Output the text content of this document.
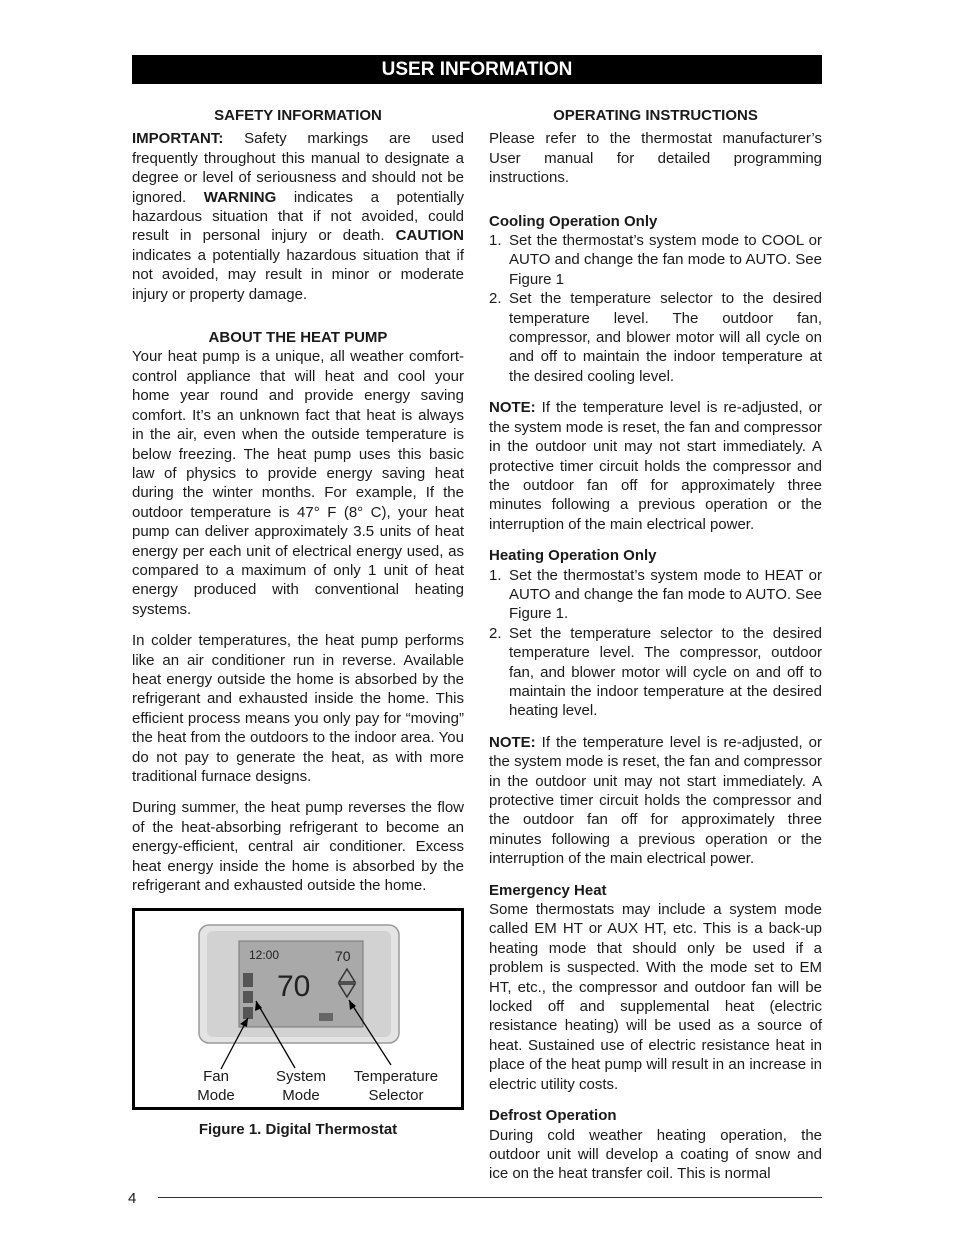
USER INFORMATION
SAFETY INFORMATION

IMPORTANT: Safety markings are used frequently throughout this manual to designate a degree or level of seriousness and should not be ignored. WARNING indicates a potentially hazardous situation that if not avoided, could result in personal injury or death. CAUTION indicates a potentially hazardous situation that if not avoided, may result in minor or moderate injury or property damage.

ABOUT THE HEAT PUMP

Your heat pump is a unique, all weather comfort-control appliance that will heat and cool your home year round and provide energy saving comfort. It’s an unknown fact that heat is always in the air, even when the outside temperature is below freezing. The heat pump uses this basic law of physics to provide energy saving heat during the winter months. For example, If the outdoor temperature is 47° F (8° C), your heat pump can deliver approximately 3.5 units of heat energy per each unit of electrical energy used, as compared to a maximum of only 1 unit of heat energy produced with conventional heating systems.

In colder temperatures, the heat pump performs like an air conditioner run in reverse. Available heat energy outside the home is absorbed by the refrigerant and exhausted inside the home. This efficient process means you only pay for “moving” the heat from the outdoors to the indoor area. You do not pay to generate the heat, as with more traditional furnace designs.

During summer, the heat pump reverses the flow of the heat-absorbing refrigerant to become an energy-efficient, central air conditioner. Excess heat energy inside the home is absorbed by the refrigerant and exhausted outside the home.

12:00
70
70
Fan
Mode
System
Mode
Temperature
Selector
Figure 1. Digital Thermostat
OPERATING INSTRUCTIONS

Please refer to the thermostat manufacturer’s User manual for detailed programming instructions.

Cooling Operation Only
1. Set the thermostat’s system mode to COOL or AUTO and change the fan mode to AUTO. See Figure 1
2. Set the temperature selector to the desired temperature level. The outdoor fan, compressor, and blower motor will all cycle on and off to maintain the indoor temperature at the desired cooling level.

NOTE: If the temperature level is re-adjusted, or the system mode is reset, the fan and compressor in the outdoor unit may not start immediately. A protective timer circuit holds the compressor and the outdoor fan off for approximately three minutes following a previous operation or the interruption of the main electrical power.

Heating Operation Only
1. Set the thermostat’s system mode to HEAT or AUTO and change the fan mode to AUTO. See Figure 1.
2. Set the temperature selector to the desired temperature level. The compressor, outdoor fan, and blower motor will cycle on and off to maintain the indoor temperature at the desired heating level.

NOTE: If the temperature level is re-adjusted, or the system mode is reset, the fan and compressor in the outdoor unit may not start immediately. A protective timer circuit holds the compressor and the outdoor fan off for approximately three minutes following a previous operation or the interruption of the main electrical power.

Emergency Heat

Some thermostats may include a system mode called EM HT or AUX HT, etc. This is a back-up heating mode that should only be used if a problem is suspected. With the mode set to EM HT, etc., the compressor and outdoor fan will be locked off and supplemental heat (electric resistance heating) will be used as a source of heat. Sustained use of electric resistance heat in place of the heat pump will result in an increase in electric utility costs.

Defrost Operation

During cold weather heating operation, the outdoor unit will develop a coating of snow and ice on the heat transfer coil. This is normal

4
